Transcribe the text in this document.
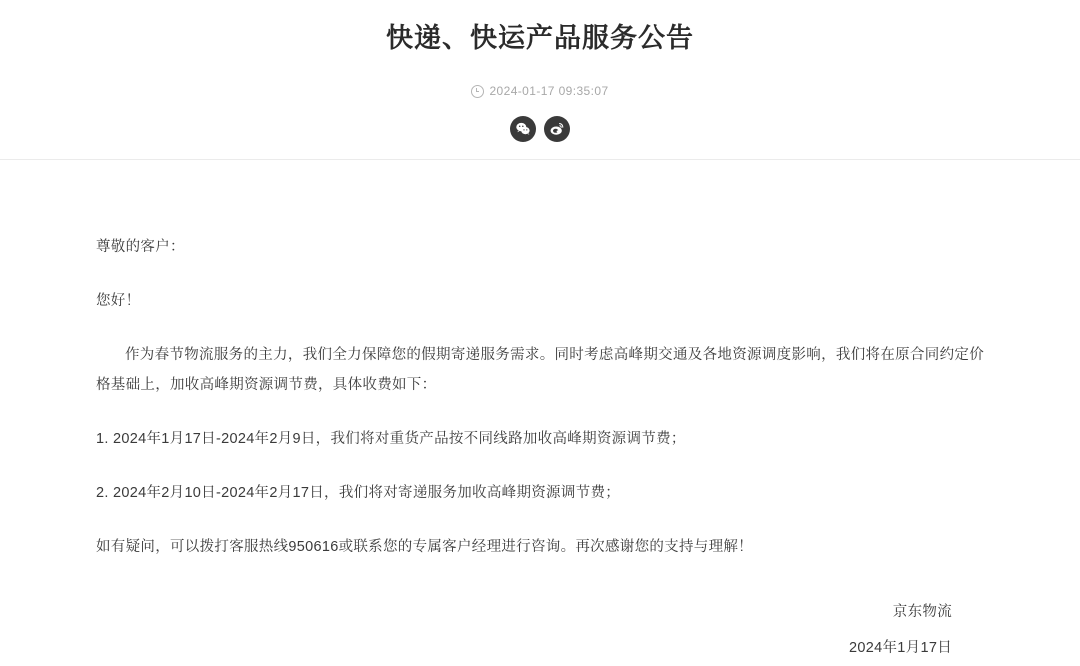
快递、快运产品服务公告
2024-01-17 09:35:07

尊敬的客户：

您好！

作为春节物流服务的主力，我们全力保障您的假期寄递服务需求。同时考虑高峰期交通及各地资源调度影响，我们将在原合同约定价格基础上，加收高峰期资源调节费，具体收费如下：

1. 2024年1月17日-2024年2月9日，我们将对重货产品按不同线路加收高峰期资源调节费；

2. 2024年2月10日-2024年2月17日，我们将对寄递服务加收高峰期资源调节费；

如有疑问，可以拨打客服热线950616或联系您的专属客户经理进行咨询。再次感谢您的支持与理解！

京东物流
2024年1月17日
